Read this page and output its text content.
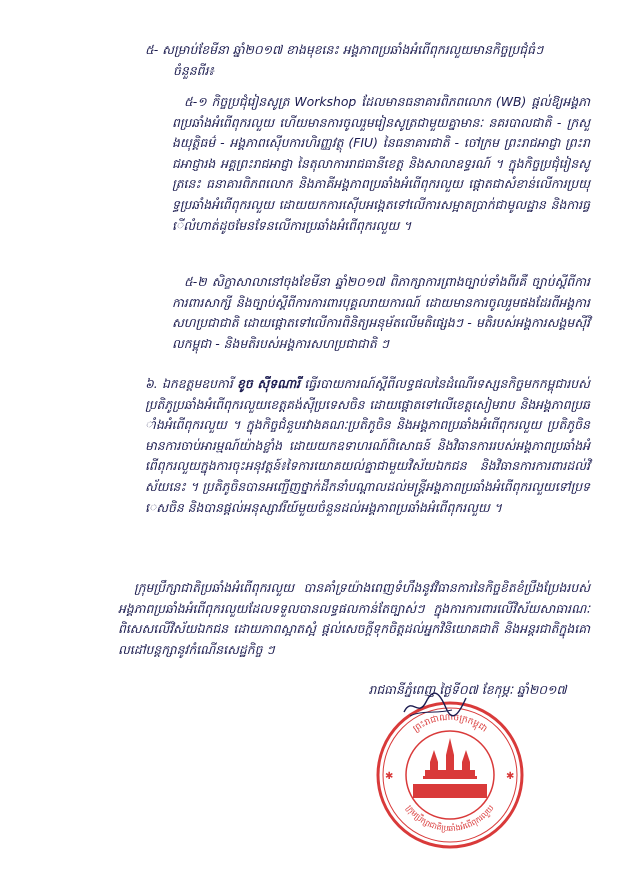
៥- សម្រាប់ខែមីនា ឆ្នាំ២០១៧ ខាងមុខនេះ អង្គភាពប្រឆាំងអំពើពុករលួយមានកិច្ចប្រជុំធំៗ

ចំនួនពីរ៖

៥-១ កិច្ចប្រជុំរៀនសូត្រ Workshop ដែលមានធនាគារពិភពលោក (WB) ផ្ដល់ឱ្យអង្គភាពប្រឆាំងអំពើពុករលួយ ហើយមានការចូលរួមរៀនសូត្រជាមួយគ្នាមានៈ នគរបាលជាតិ - ក្រសួងយុត្តិធម៌ - អង្គភាពស៊ើបការហិរញ្ញវត្ថុ (FIU) នៃធនាគារជាតិ - ចៅក្រម ព្រះរាជអាជ្ញា ព្រះរាជអាជ្ញារង អគ្គព្រះរាជអាជ្ញា នៃតុលាការរាជធានីខេត្ត និងសាលាឧទ្ធរណ៍ ។ ក្នុងកិច្ចប្រជុំរៀនសូត្រនេះ ធនាគារពិភពលោក និងភាគីអង្គភាពប្រឆាំងអំពើពុករលួយ ផ្ដោតជាសំខាន់លើការប្រយុទ្ធប្រឆាំងអំពើពុករលួយ ដោយយកការស៊ើបអង្កេតទៅលើការសម្អាតប្រាក់ជាមូលដ្ឋាន និងការធ្វើលំហាត់ដូចមែនទែនលើការប្រឆាំងអំពើពុករលួយ ។
៥-២ សិក្ខាសាលានៅចុងខែមីនា ឆ្នាំ២០១៧ ពិភាក្សាការព្រាងច្បាប់ទាំងពីរគឺ ច្បាប់ស្ដីពីការការពារសាក្សី និងច្បាប់ស្ដីពីការការពារបុគ្គលរាយការណ៍ ដោយមានការចូលរួមផងដែរពីអង្គការសហប្រជាជាតិ ដោយផ្ដោតទៅលើការពិនិត្យអនុម័តលើមតិផ្សេងៗ - មតិរបស់អង្គការសង្គមស៊ីវិលកម្ពុជា - និងមតិរបស់អង្គការសហប្រជាជាតិ ៗ
៦. ឯកឧត្តមឧបការី ខូច ស៊ីទណារី ធ្វើរបាយការណ៍ស្ដីពីលទ្ធផលនៃដំណើរទស្សនកិច្ចមកកម្ពុជារបស់ប្រតិភូប្រឆាំងអំពើពុករលួយខេត្តគង់ស៊ីប្រទេសចិន ដោយផ្ដោតទៅលើខេត្តសៀមរាប និងអង្គភាពប្រឆាំងអំពើពុករលួយ ។ ក្នុងកិច្ចជំនួបរវាងគណៈប្រតិភូចិន និងអង្គភាពប្រឆាំងអំពើពុករលួយ ប្រតិភូចិនមានការចាប់អារម្មណ៍យ៉ាងខ្លាំង ដោយយកឧទាហរណ៍ពិសោធន៍ និងវិធានការរបស់អង្គភាពប្រឆាំងអំពើពុករលួយក្នុងការចុះអនុវត្តន៍៖ទៃការយោគយល់គ្នាជាមួយវិស័យឯកជន និងវិធានការការពារដល់វិស័យនេះ ។ ប្រតិភូចិនបានអញ្ជើញថ្នាក់ដឹកនាំបណ្ដាលដល់មន្ត្រីអង្គភាពប្រឆាំងអំពើពុករលួយទៅប្រទេសចិន និងបានផ្ដល់អនុស្សាវរីយ៍មួយចំនួនដល់អង្គភាពប្រឆាំងអំពើពុករលួយ ។
ក្រុមប្រឹក្សាជាតិប្រឆាំងអំពើពុករលួយ បានគាំទ្រយ៉ាងពេញទំហឹងនូវវិធានការនៃកិច្ចខិតខំប្រឹងប្រែងរបស់អង្គភាពប្រឆាំងអំពើពុករលួយដែលទទួលបានលទ្ធផលកាន់តែច្បាស់ៗ ក្នុងការការពារលើវិស័យសាធារណៈ ពិសេសលើវិស័យឯកជន ដោយភាពស្អាតស្អំ ផ្ដល់សេចក្ដីទុកចិត្តដល់អ្នកវិនិយោគជាតិ និងអន្តរជាតិក្នុងគោលដៅបន្តក្សានូវកំណើនសេដ្ឋកិច្ច ៗ
រាជធានីភ្នំពេញ ថ្ងៃទី០៧ ខែកុម្ភៈ ឆ្នាំ២០១៧
ព្រះរាជាណាចក្រកម្ពុជា
ក្រុមប្រឹក្សាជាតិប្រឆាំងអំពើពុករលួយ
✱	✱
